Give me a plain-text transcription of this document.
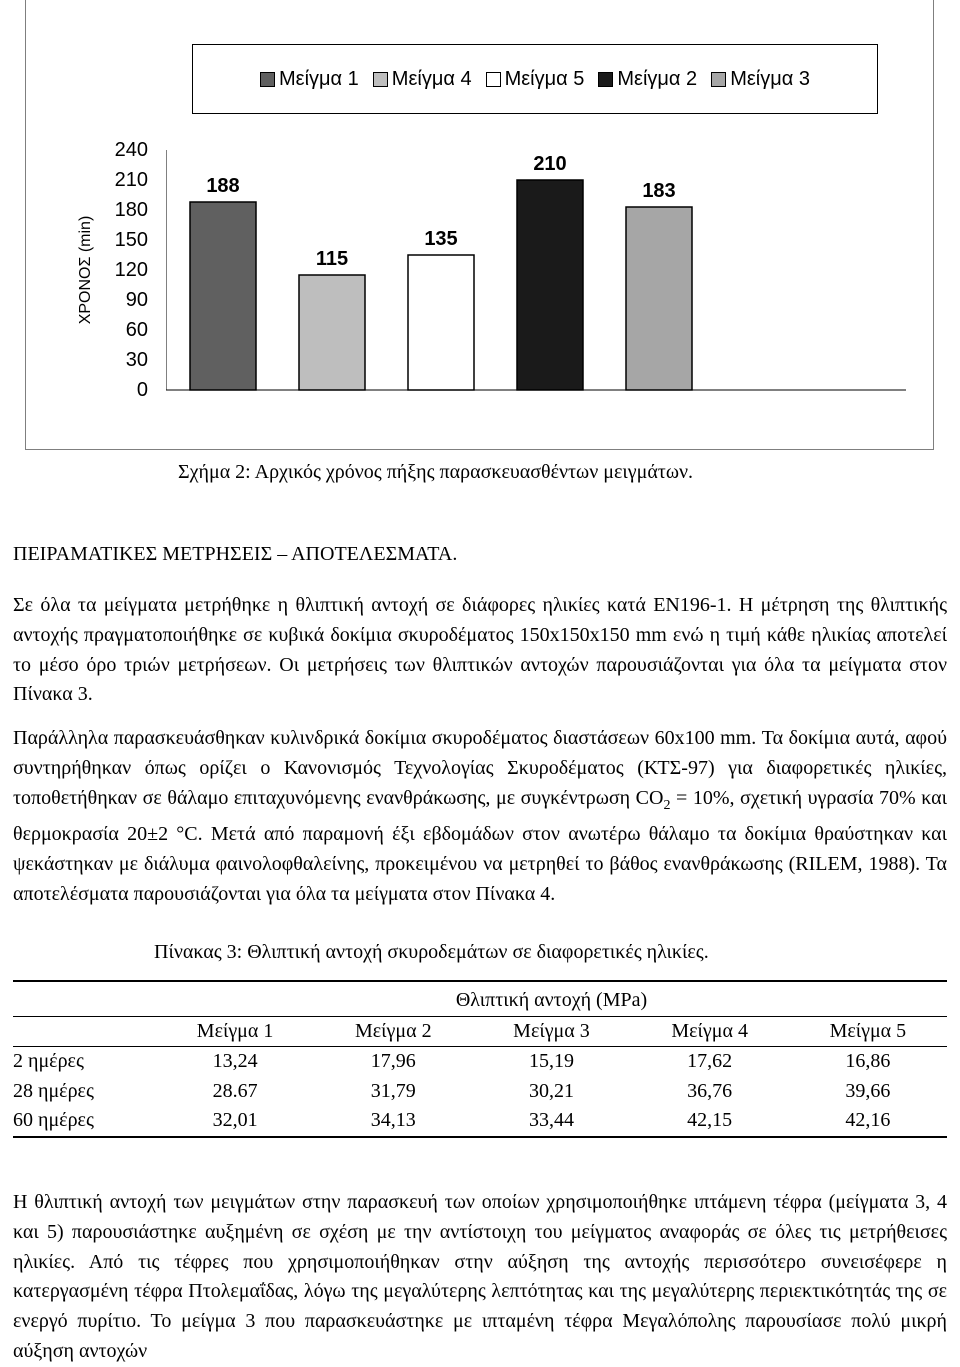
Μείγμα 1 Μείγμα 4 Μείγμα 5 Μείγμα 2 Μείγμα 3
ΧΡΟΝΟΣ (min)
240
210
180
150
120
90
60
30
0
188
115
135
210
183
Σχήμα 2: Αρχικός χρόνος πήξης παρασκευασθέντων μειγμάτων.
ΠΕΙΡΑΜΑΤΙΚΕΣ ΜΕΤΡΗΣΕΙΣ – ΑΠΟΤΕΛΕΣΜΑΤΑ.

Σε όλα τα μείγματα μετρήθηκε η θλιπτική αντοχή σε διάφορες ηλικίες κατά ΕΝ196-1. Η μέτρηση της θλιπτικής αντοχής πραγματοποιήθηκε σε κυβικά δοκίμια σκυροδέματος 150x150x150 mm ενώ η τιμή κάθε ηλικίας αποτελεί το μέσο όρο τριών μετρήσεων. Οι μετρήσεις των θλιπτικών αντοχών παρουσιάζονται για όλα τα μείγματα στον Πίνακα 3.

Παράλληλα παρασκευάσθηκαν κυλινδρικά δοκίμια σκυροδέματος διαστάσεων 60x100 mm. Τα δοκίμια αυτά, αφού συντηρήθηκαν όπως ορίζει ο Κανονισμός Τεχνολογίας Σκυροδέματος (ΚΤΣ-97) για διαφορετικές ηλικίες, τοποθετήθηκαν σε θάλαμο επιταχυνόμενης ενανθράκωσης, με συγκέντρωση $CO_2 = 10\%$, σχετική υγρασία 70% και θερμοκρασία 20±2 °C. Μετά από παραμονή έξι εβδομάδων στον ανωτέρω θάλαμο τα δοκίμια θραύστηκαν και ψεκάστηκαν με διάλυμα φαινολοφθαλείνης, προκειμένου να μετρηθεί το βάθος ενανθράκωσης (RILEM, 1988). Τα αποτελέσματα παρουσιάζονται για όλα τα μείγματα στον Πίνακα 4.

Πίνακας 3: Θλιπτική αντοχή σκυροδεμάτων σε διαφορετικές ηλικίες.
	Θλιπτική αντοχή (MPa)				
	Μείγμα 1	Μείγμα 2	Μείγμα 3	Μείγμα 4	Μείγμα 5
2 ημέρες	13,24	17,96	15,19	17,62	16,86
28 ημέρες	28.67	31,79	30,21	36,76	39,66
60 ημέρες	32,01	34,13	33,44	42,15	42,16

Η θλιπτική αντοχή των μειγμάτων στην παρασκευή των οποίων χρησιμοποιήθηκε ιπτάμενη τέφρα (μείγματα 3, 4 και 5) παρουσιάστηκε αυξημένη σε σχέση με την αντίστοιχη του μείγματος αναφοράς σε όλες τις μετρήθεισες ηλικίες. Από τις τέφρες που χρησιμοποιήθηκαν στην αύξηση της αντοχής περισσότερο συνεισέφερε η κατεργασμένη τέφρα Πτολεμαΐδας, λόγω της μεγαλύτερης λεπτότητας και της μεγαλύτερης περιεκτικότητάς της σε ενεργό πυρίτιο. Το μείγμα 3 που παρασκευάστηκε με ιπταμένη τέφρα Μεγαλόπολης παρουσίασε πολύ μικρή αύξηση αντοχών
